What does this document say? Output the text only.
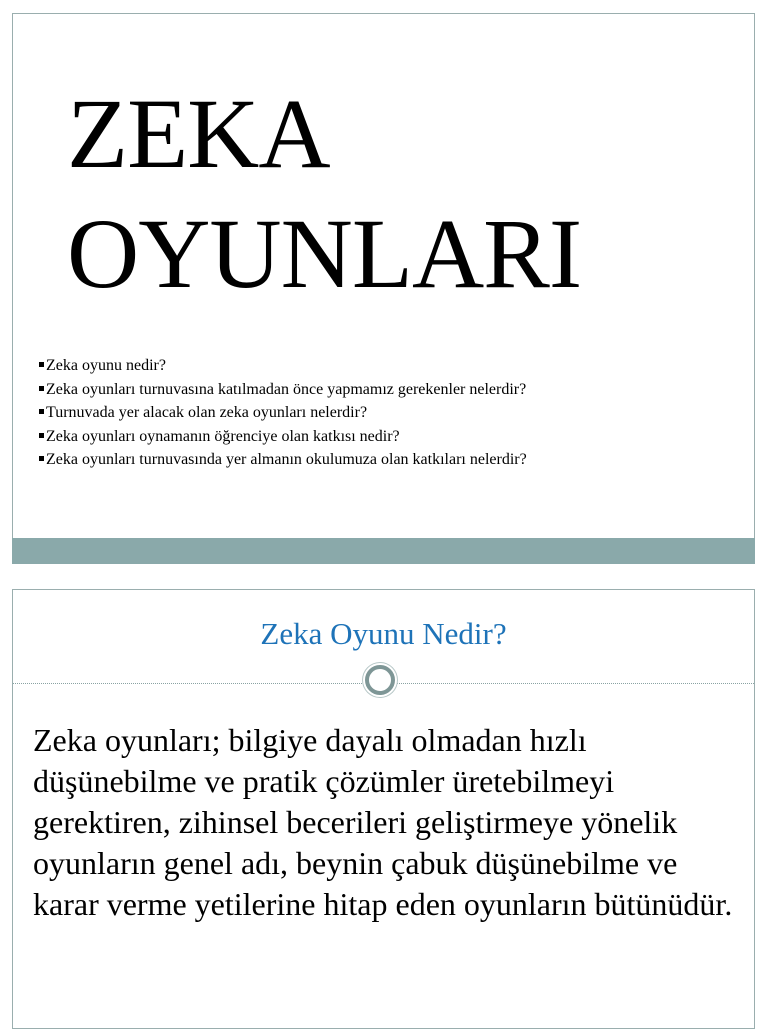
ZEKA
OYUNLARI
Zeka oyunu nedir?
Zeka oyunları turnuvasına katılmadan önce yapmamız gerekenler nelerdir?
Turnuvada yer alacak olan zeka oyunları nelerdir?
Zeka oyunları oynamanın öğrenciye olan katkısı nedir?
Zeka oyunları turnuvasında yer almanın okulumuza olan katkıları nelerdir?
Zeka Oyunu Nedir?

Zeka oyunları; bilgiye dayalı olmadan hızlı düşünebilme ve pratik çözümler üretebilmeyi gerektiren, zihinsel becerileri geliştirmeye yönelik oyunların genel adı, beynin çabuk düşünebilme ve karar verme yetilerine hitap eden oyunların bütünüdür.
